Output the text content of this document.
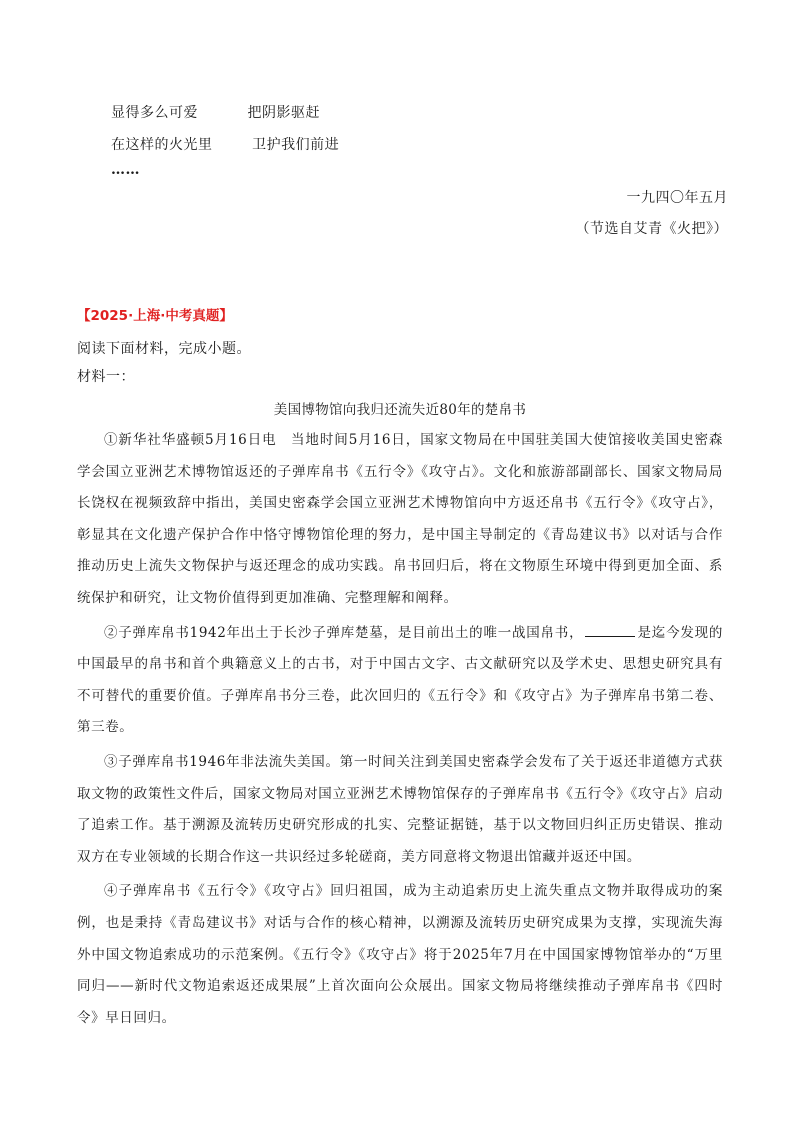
显得多么可爱          把阴影驱赶
在这样的火光里        卫护我们前进
……
一九四〇年五月
（节选自艾青《火把》）
【2025·上海·中考真题】
阅读下面材料，完成小题。
材料一：
美国博物馆向我归还流失近80年的楚帛书

①新华社华盛顿5月16日电　当地时间5月16日，国家文物局在中国驻美国大使馆接收美国史密森学会国立亚洲艺术博物馆返还的子弹库帛书《五行令》《攻守占》。文化和旅游部副部长、国家文物局局长饶权在视频致辞中指出，美国史密森学会国立亚洲艺术博物馆向中方返还帛书《五行令》《攻守占》，彰显其在文化遗产保护合作中恪守博物馆伦理的努力，是中国主导制定的《青岛建议书》以对话与合作推动历史上流失文物保护与返还理念的成功实践。帛书回归后，将在文物原生环境中得到更加全面、系统保护和研究，让文物价值得到更加准确、完整理解和阐释。

②子弹库帛书1942年出土于长沙子弹库楚墓，是目前出土的唯一战国帛书，	是迄今发现的中国最早的帛书和首个典籍意义上的古书，对于中国古文字、古文献研究以及学术史、思想史研究具有不可替代的重要价值。子弹库帛书分三卷，此次回归的《五行令》和《攻守占》为子弹库帛书第二卷、第三卷。

③子弹库帛书1946年非法流失美国。第一时间关注到美国史密森学会发布了关于返还非道德方式获取文物的政策性文件后，国家文物局对国立亚洲艺术博物馆保存的子弹库帛书《五行令》《攻守占》启动了追索工作。基于溯源及流转历史研究形成的扎实、完整证据链，基于以文物回归纠正历史错误、推动双方在专业领域的长期合作这一共识经过多轮磋商，美方同意将文物退出馆藏并返还中国。

④子弹库帛书《五行令》《攻守占》回归祖国，成为主动追索历史上流失重点文物并取得成功的案例，也是秉持《青岛建议书》对话与合作的核心精神，以溯源及流转历史研究成果为支撑，实现流失海外中国文物追索成功的示范案例。《五行令》《攻守占》将于2025年7月在中国国家博物馆举办的“万里同归——新时代文物追索返还成果展”上首次面向公众展出。国家文物局将继续推动子弹库帛书《四时令》早日回归。
